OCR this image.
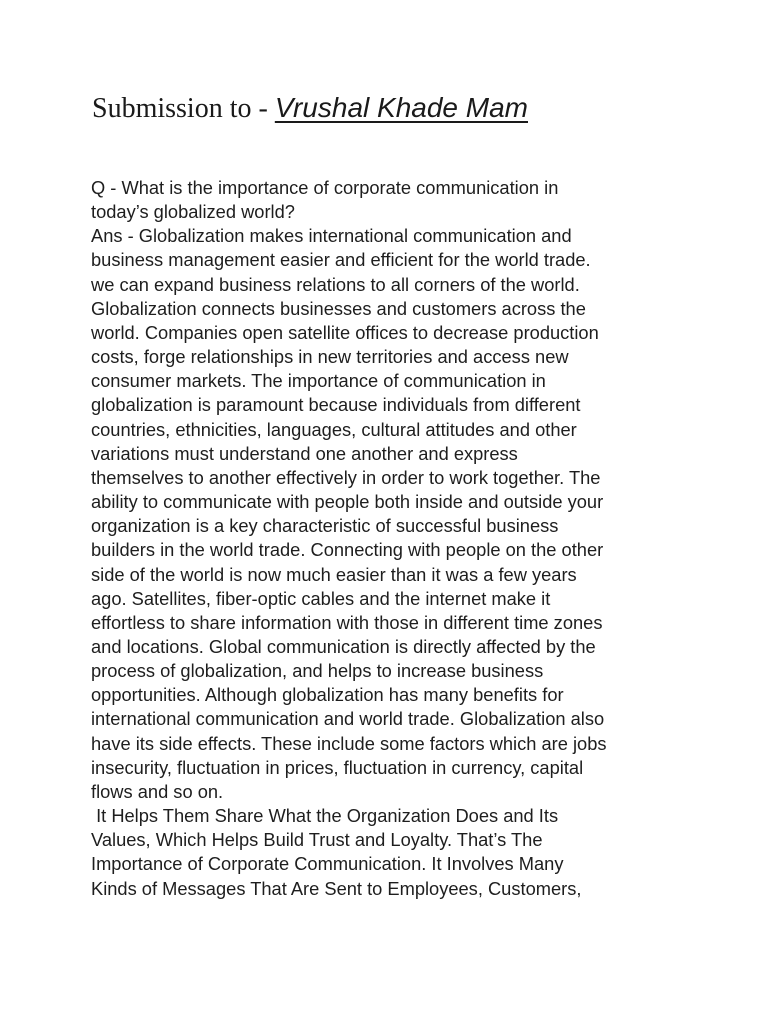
Submission to - Vrushal Khade Mam
Q - What is the importance of corporate communication in
today’s globalized world?
Ans - Globalization makes international communication and
business management easier and efficient for the world trade.
we can expand business relations to all corners of the world.
Globalization connects businesses and customers across the
world. Companies open satellite offices to decrease production
costs, forge relationships in new territories and access new
consumer markets. The importance of communication in
globalization is paramount because individuals from different
countries, ethnicities, languages, cultural attitudes and other
variations must understand one another and express
themselves to another effectively in order to work together. The
ability to communicate with people both inside and outside your
organization is a key characteristic of successful business
builders in the world trade. Connecting with people on the other
side of the world is now much easier than it was a few years
ago. Satellites, fiber-optic cables and the internet make it
effortless to share information with those in different time zones
and locations. Global communication is directly affected by the
process of globalization, and helps to increase business
opportunities. Although globalization has many benefits for
international communication and world trade. Globalization also
have its side effects. These include some factors which are jobs
insecurity, fluctuation in prices, fluctuation in currency, capital
flows and so on.
It Helps Them Share What the Organization Does and Its
Values, Which Helps Build Trust and Loyalty. That’s The
Importance of Corporate Communication. It Involves Many
Kinds of Messages That Are Sent to Employees, Customers,
